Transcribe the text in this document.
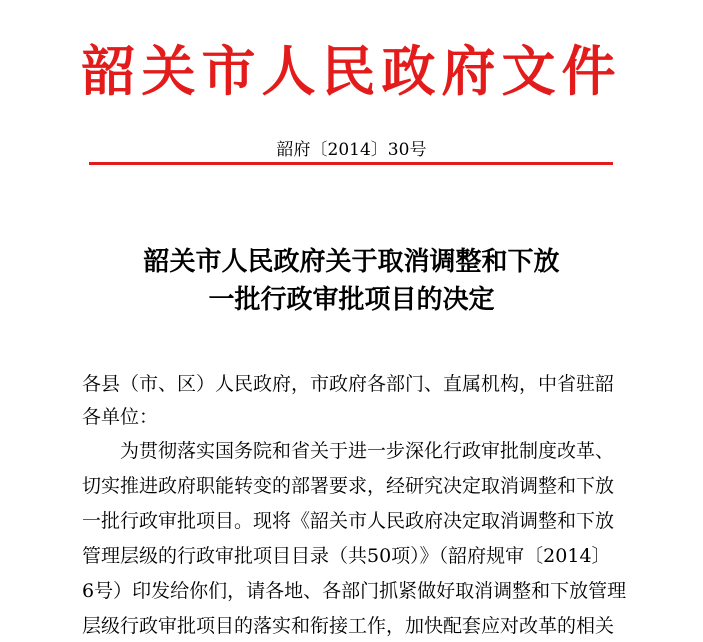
韶关市人民政府文件
韶府〔2014〕30号
韶关市人民政府关于取消调整和下放
一批行政审批项目的决定
各县（市、区）人民政府，市政府各部门、直属机构，中省驻韶
各单位：
为贯彻落实国务院和省关于进一步深化行政审批制度改革、
切实推进政府职能转变的部署要求，经研究决定取消调整和下放
一批行政审批项目。现将《韶关市人民政府决定取消调整和下放
管理层级的行政审批项目目录（共50项）》（韶府规审〔2014〕
6号）印发给你们，请各地、各部门抓紧做好取消调整和下放管理
层级行政审批项目的落实和衔接工作，加快配套应对改革的相关
